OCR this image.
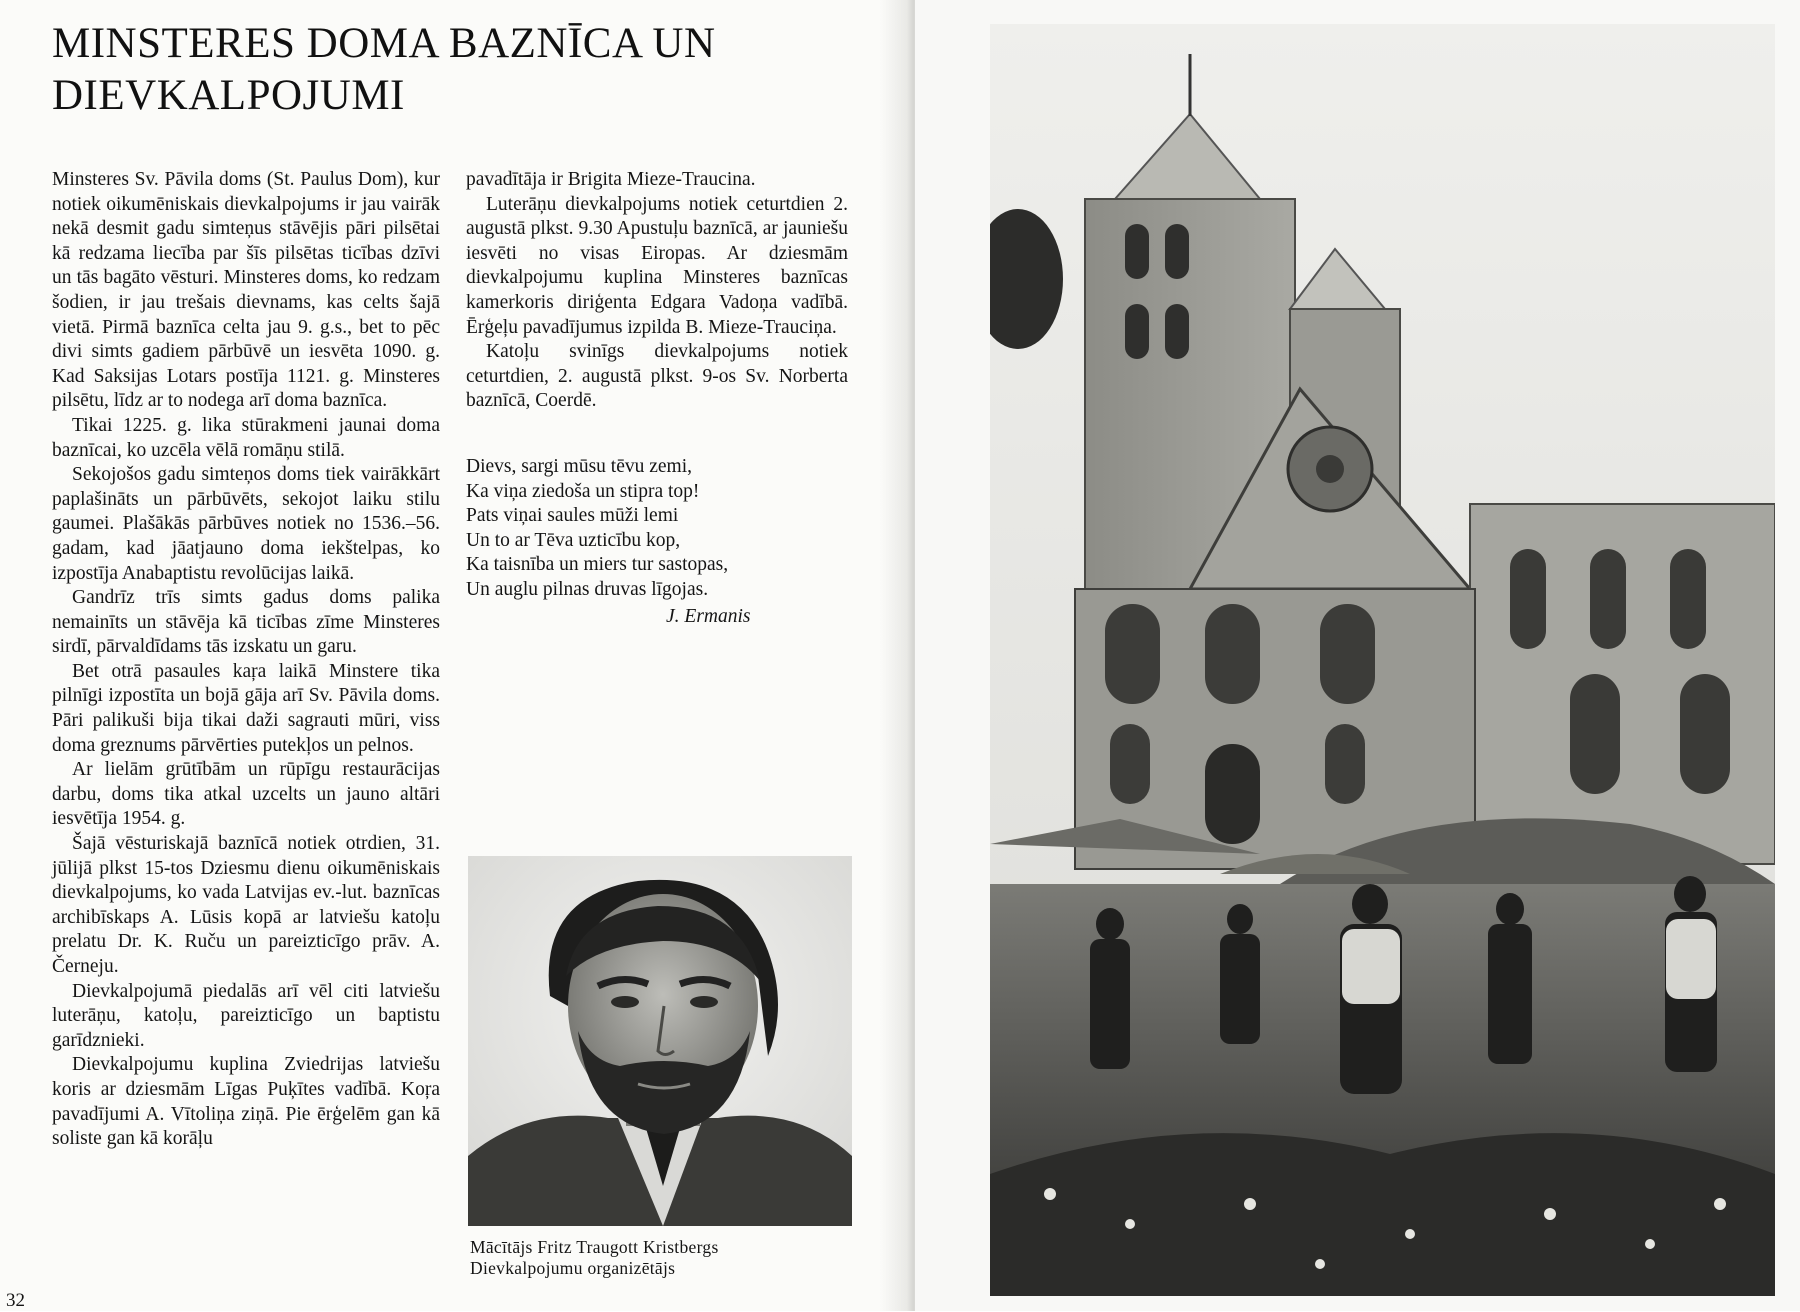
MINSTERES DOMA BAZNĪCA UN DIEVKALPOJUMI

Minsteres Sv. Pāvila doms (St. Paulus Dom), kur notiek oikumēniskais dievkalpojums ir jau vairāk nekā desmit gadu simteņus stāvējis pāri pilsētai kā redzama liecība par šīs pilsētas ticības dzīvi un tās bagāto vēsturi. Minsteres doms, ko redzam šodien, ir jau trešais dievnams, kas celts šajā vietā. Pirmā baznīca celta jau 9. g.s., bet to pēc divi simts gadiem pārbūvē un iesvēta 1090. g. Kad Saksijas Lotars postīja 1121. g. Minsteres pilsētu, līdz ar to nodega arī doma baznīca.

Tikai 1225. g. lika stūrakmeni jaunai doma baznīcai, ko uzcēla vēlā romāņu stilā.

Sekojošos gadu simteņos doms tiek vairākkārt paplašināts un pārbūvēts, sekojot laiku stilu gaumei. Plašākās pārbūves notiek no 1536.–56. gadam, kad jāatjauno doma iekštelpas, ko izpostīja Anabaptistu revolūcijas laikā.

Gandrīz trīs simts gadus doms palika nemainīts un stāvēja kā ticības zīme Minsteres sirdī, pārvaldīdams tās izskatu un garu.

Bet otrā pasaules kaŗa laikā Minstere tika pilnīgi izpostīta un bojā gāja arī Sv. Pāvila doms. Pāri palikuši bija tikai daži sagrauti mūri, viss doma greznums pārvērties putekļos un pelnos.

Ar lielām grūtībām un rūpīgu restaurācijas darbu, doms tika atkal uzcelts un jauno altāri iesvētīja 1954. g.

Šajā vēsturiskajā baznīcā notiek otrdien, 31. jūlijā plkst 15-tos Dziesmu dienu oikumēniskais dievkalpojums, ko vada Latvijas ev.-lut. baznīcas archibīskaps A. Lūsis kopā ar latviešu katoļu prelatu Dr. K. Ruču un pareizticīgo prāv. A. Černeju.

Dievkalpojumā piedalās arī vēl citi latviešu luterāņu, katoļu, pareizticīgo un baptistu garīdznieki.

Dievkalpojumu kuplina Zviedrijas latviešu koris ar dziesmām Līgas Puķītes vadībā. Koŗa pavadījumi A. Vītoliņa ziņā. Pie ērģelēm gan kā soliste gan kā korāļu

pavadītāja ir Brigita Mieze-Traucina.

Luterāņu dievkalpojums notiek ceturtdien 2. augustā plkst. 9.30 Apustuļu baznīcā, ar jauniešu iesvēti no visas Eiropas. Ar dziesmām dievkalpojumu kuplina Minsteres baznīcas kamerkoris diriģenta Edgara Vadoņa vadībā. Ērģeļu pavadījumus izpilda B. Mieze-Trauciņa.

Katoļu svinīgs dievkalpojums notiek ceturtdien, 2. augustā plkst. 9-os Sv. Norberta baznīcā, Coerdē.

Dievs, sargi mūsu tēvu zemi,
Ka viņa ziedoša un stipra top!
Pats viņai saules mūži lemi
Un to ar Tēva uzticību kop,
Ka taisnība un miers tur sastopas,
Un auglu pilnas druvas līgojas.
J. Ermanis
Mācītājs Fritz Traugott Kristbergs
Dievkalpojumu organizētājs
32
